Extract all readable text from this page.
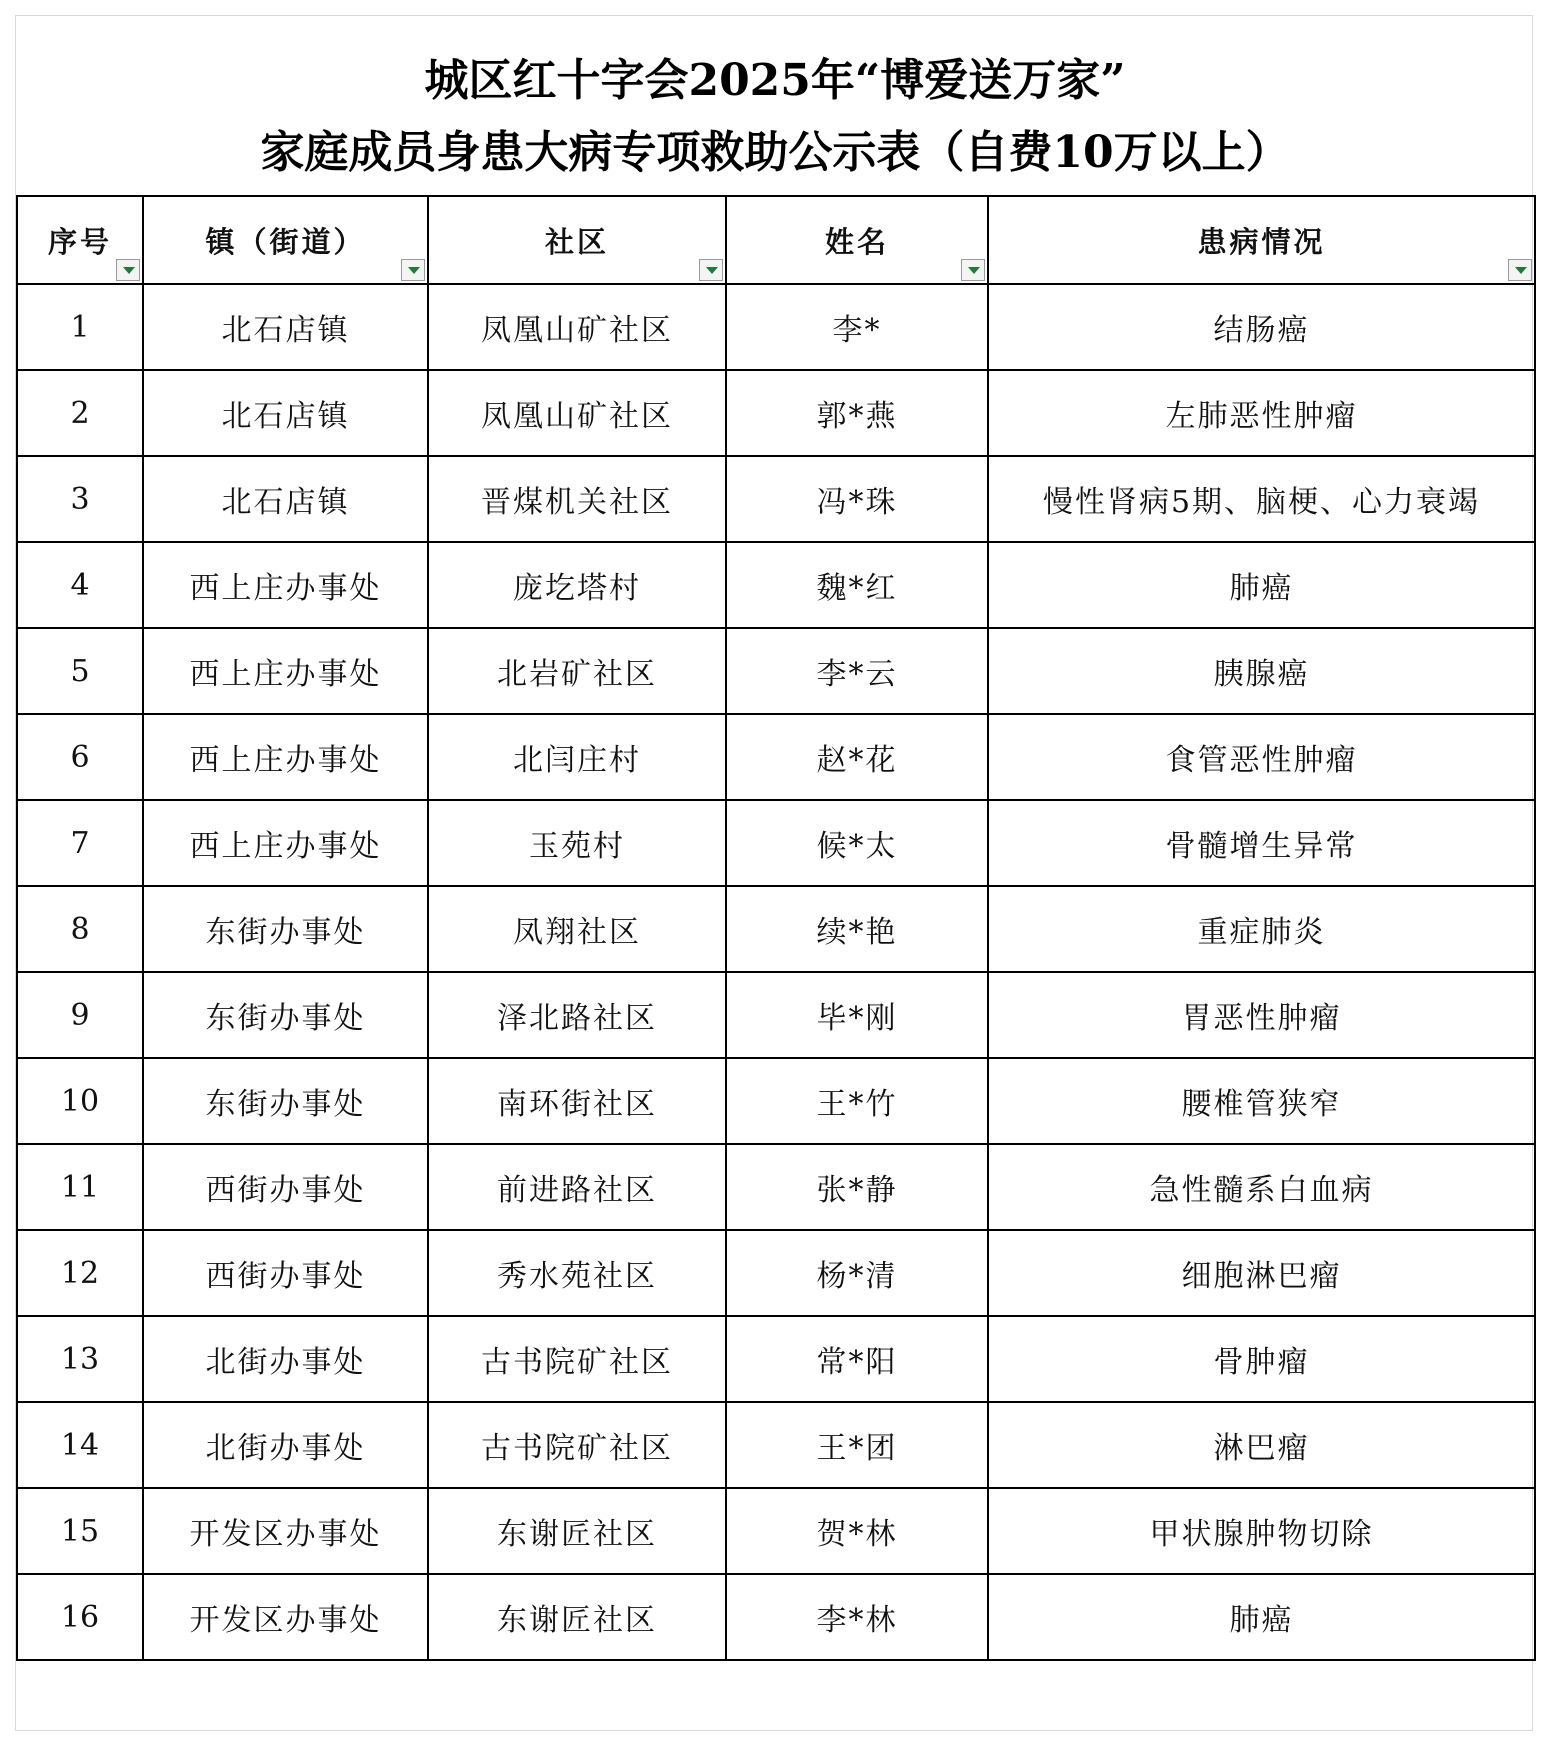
城区红十字会2025年“博爱送万家”
家庭成员身患大病专项救助公示表（自费10万以上）
序号	镇（街道）	社区	姓名	患病情况

1	北石店镇	凤凰山矿社区	李*	结肠癌
2	北石店镇	凤凰山矿社区	郭*燕	左肺恶性肿瘤
3	北石店镇	晋煤机关社区	冯*珠	慢性肾病5期、脑梗、心力衰竭
4	西上庄办事处	庞圪塔村	魏*红	肺癌
5	西上庄办事处	北岩矿社区	李*云	胰腺癌
6	西上庄办事处	北闫庄村	赵*花	食管恶性肿瘤
7	西上庄办事处	玉苑村	候*太	骨髓增生异常
8	东街办事处	凤翔社区	续*艳	重症肺炎
9	东街办事处	泽北路社区	毕*刚	胃恶性肿瘤
10	东街办事处	南环街社区	王*竹	腰椎管狭窄
11	西街办事处	前进路社区	张*静	急性髓系白血病
12	西街办事处	秀水苑社区	杨*清	细胞淋巴瘤
13	北街办事处	古书院矿社区	常*阳	骨肿瘤
14	北街办事处	古书院矿社区	王*团	淋巴瘤
15	开发区办事处	东谢匠社区	贺*林	甲状腺肿物切除
16	开发区办事处	东谢匠社区	李*林	肺癌
